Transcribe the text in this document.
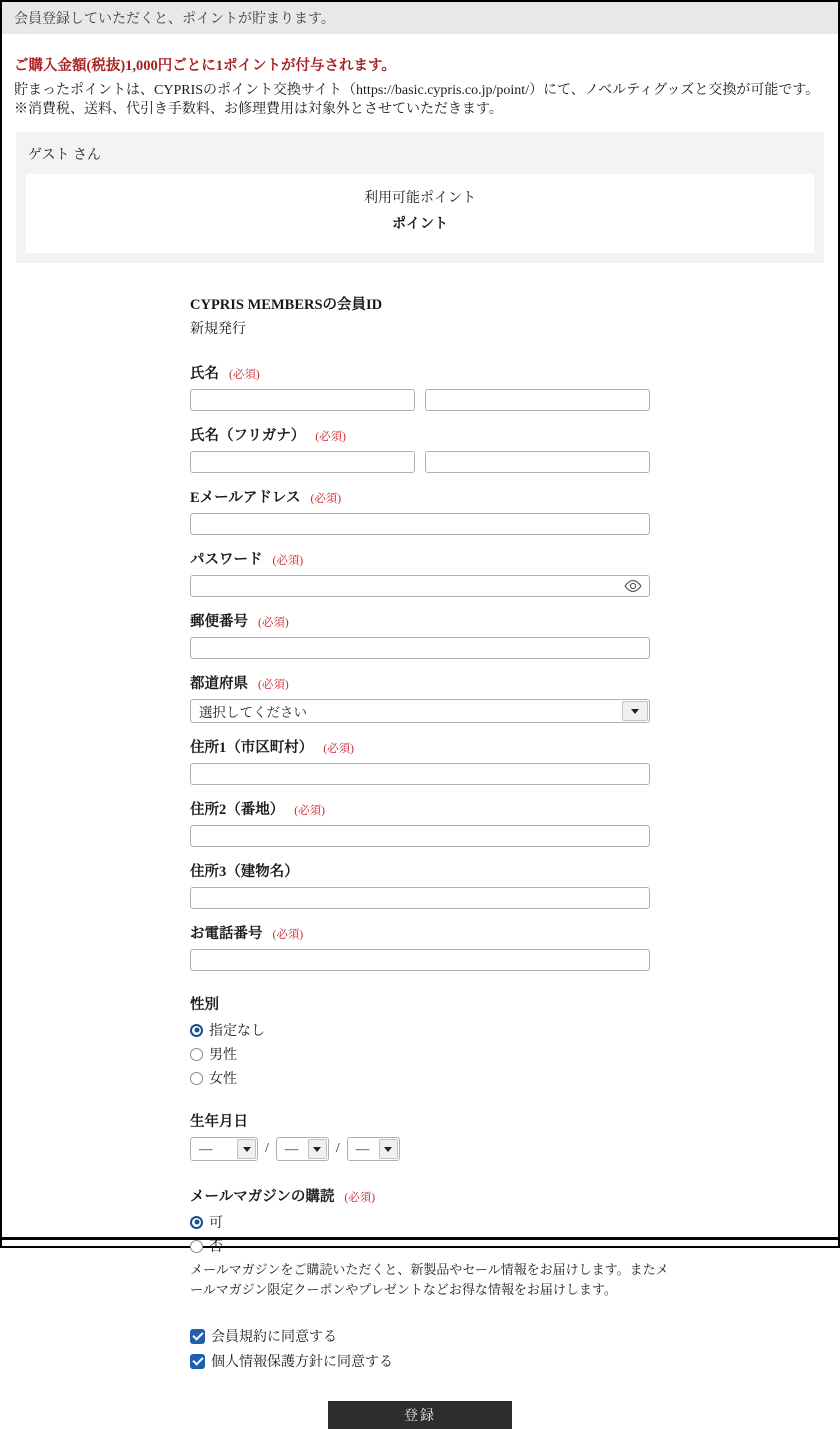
会員登録していただくと、ポイントが貯まります。
ご購入金額(税抜)1,000円ごとに1ポイントが付与されます。
貯まったポイントは、CYPRISのポイント交換サイト（https://basic.cypris.co.jp/point/）にて、ノベルティグッズと交換が可能です。
※消費税、送料、代引き手数料、お修理費用は対象外とさせていただきます。
ゲスト さん
利用可能ポイント
ポイント
CYPRIS MEMBERSの会員ID
新規発行
氏名 (必須)
氏名（フリガナ） (必須)
Eメールアドレス (必須)
パスワード (必須)
郵便番号 (必須)
都道府県 (必須)
選択してください
住所1（市区町村） (必須)
住所2（番地） (必須)
住所3（建物名）
お電話番号 (必須)
性別
指定なし
男性
女性
生年月日
—	/	—	/	—
メールマガジンの購読 (必須)
可
否
メールマガジンをご購読いただくと、新製品やセール情報をお届けします。またメールマガジン限定クーポンやプレゼントなどお得な情報をお届けします。
会員規約に同意する
個人情報保護方針に同意する
登録
